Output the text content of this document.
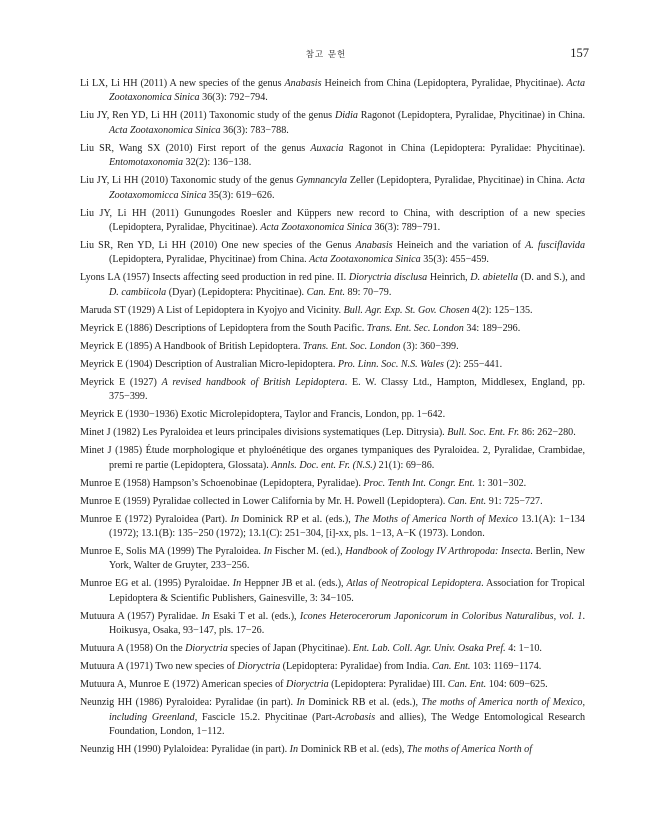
참고 문헌	157

Li LX, Li HH (2011) A new species of the genus Anabasis Heineich from China (Lepidoptera, Pyralidae, Phycitinae). Acta Zootaxonomica Sinica 36(3): 792−794.

Liu JY, Ren YD, Li HH (2011) Taxonomic study of the genus Didia Ragonot (Lepidoptera, Pyralidae, Phycitinae) in China. Acta Zootaxonomica Sinica 36(3): 783−788.

Liu SR, Wang SX (2010) First report of the genus Auxacia Ragonot in China (Lepidoptera: Pyralidae: Phycitinae). Entomotaxonomia 32(2): 136−138.

Liu JY, Li HH (2010) Taxonomic study of the genus Gymnancyla Zeller (Lepidoptera, Pyralidae, Phycitinae) in China. Acta Zootaxomomicca Sinica 35(3): 619−626.

Liu JY, Li HH (2011) Gunungodes Roesler and Küppers new record to China, with description of a new species (Lepidoptera, Pyralidae, Phycitinae). Acta Zootaxonomica Sinica 36(3): 789−791.

Liu SR, Ren YD, Li HH (2010) One new species of the Genus Anabasis Heineich and the variation of A. fusciflavida (Lepidoptera, Pyralidae, Phycitinae) from China. Acta Zootaxonomica Sinica 35(3): 455−459.

Lyons LA (1957) Insects affecting seed production in red pine. II. Dioryctria disclusa Heinrich, D. abietella (D. and S.), and D. cambiicola (Dyar) (Lepidoptera: Phycitinae). Can. Ent. 89: 70−79.

Maruda ST (1929) A List of Lepidoptera in Kyojyo and Vicinity. Bull. Agr. Exp. St. Gov. Chosen 4(2): 125−135.

Meyrick E (1886) Descriptions of Lepidoptera from the South Pacific. Trans. Ent. Sec. London 34: 189−296.

Meyrick E (1895) A Handbook of British Lepidoptera. Trans. Ent. Soc. London (3): 360−399.

Meyrick E (1904) Description of Australian Micro-lepidoptera. Pro. Linn. Soc. N.S. Wales (2): 255−441.

Meyrick E (1927) A revised handbook of British Lepidoptera. E. W. Classy Ltd., Hampton, Middlesex, England, pp. 375−399.

Meyrick E (1930−1936) Exotic Microlepidoptera, Taylor and Francis, London, pp. 1−642.

Minet J (1982) Les Pyraloidea et leurs principales divisions systematiques (Lep. Ditrysia). Bull. Soc. Ent. Fr. 86: 262−280.

Minet J (1985) Étude morphologique et phyloénétique des organes tympaniques des Pyraloidea. 2, Pyralidae, Crambidae, premi re partie (Lepidoptera, Glossata). Annls. Doc. ent. Fr. (N.S.) 21(1): 69−86.

Munroe E (1958) Hampson’s Schoenobinae (Lepidoptera, Pyralidae). Proc. Tenth Int. Congr. Ent. 1: 301−302.

Munroe E (1959) Pyralidae collected in Lower California by Mr. H. Powell (Lepidoptera). Can. Ent. 91: 725−727.

Munroe E (1972) Pyraloidea (Part). In Dominick RP et al. (eds.), The Moths of America North of Mexico 13.1(A): 1−134 (1972); 13.1(B): 135−250 (1972); 13.1(C): 251−304, [i]-xx, pls. 1−13, A−K (1973). London.

Munroe E, Solis MA (1999) The Pyraloidea. In Fischer M. (ed.), Handbook of Zoology IV Arthropoda: Insecta. Berlin, New York, Walter de Gruyter, 233−256.

Munroe EG et al. (1995) Pyraloidae. In Heppner JB et al. (eds.), Atlas of Neotropical Lepidoptera. Association for Tropical Lepidoptera & Scientific Publishers, Gainesville, 3: 34−105.

Mutuura A (1957) Pyralidae. In Esaki T et al. (eds.), Icones Heterocerorum Japonicorum in Coloribus Naturalibus, vol. 1. Hoikusya, Osaka, 93−147, pls. 17−26.

Mutuura A (1958) On the Dioryctria species of Japan (Phycitinae). Ent. Lab. Coll. Agr. Univ. Osaka Pref. 4: 1−10.

Mutuura A (1971) Two new species of Dioryctria (Lepidoptera: Pyralidae) from India. Can. Ent. 103: 1169−1174.

Mutuura A, Munroe E (1972) American species of Dioryctria (Lepidoptera: Pyralidae) III. Can. Ent. 104: 609−625.

Neunzig HH (1986) Pyraloidea: Pyralidae (in part). In Dominick RB et al. (eds.), The moths of America north of Mexico, including Greenland, Fascicle 15.2. Phycitinae (Part-Acrobasis and allies), The Wedge Entomological Research Foundation, London, 1−112.

Neunzig HH (1990) Pylaloidea: Pyralidae (in part). In Dominick RB et al. (eds), The moths of America North of
